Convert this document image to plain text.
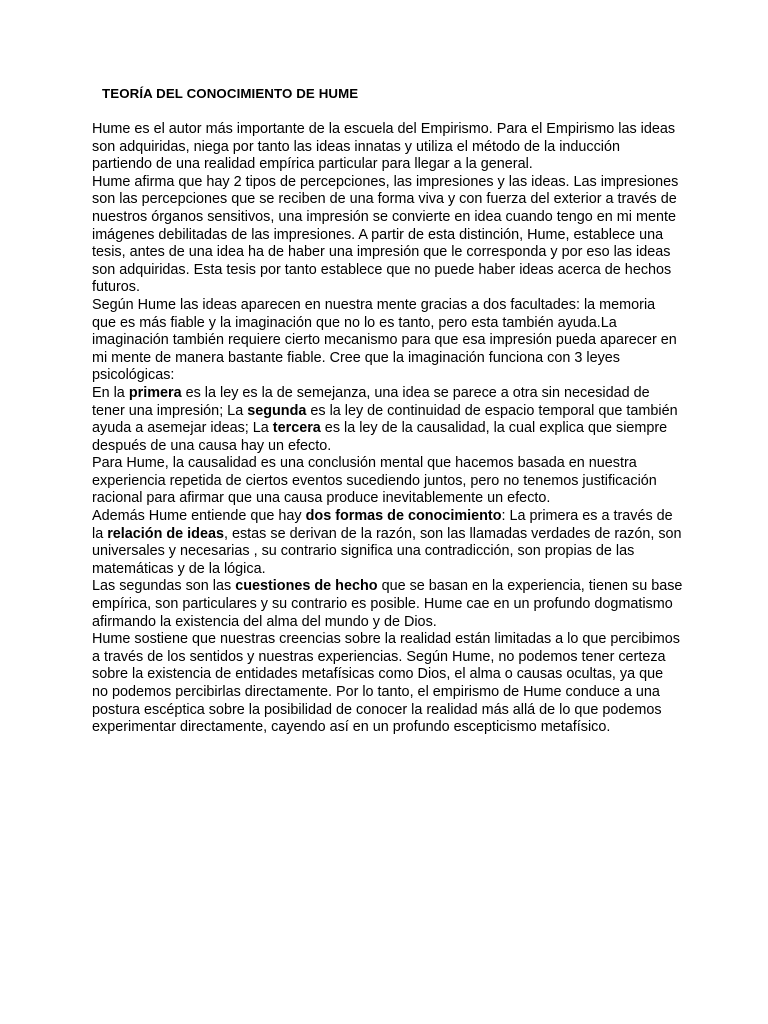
TEORÍA DEL CONOCIMIENTO DE HUME
Hume es el autor más importante de la escuela del Empirismo. Para el Empirismo las ideas
son adquiridas, niega por tanto las ideas innatas y utiliza el método de la inducción
partiendo de una realidad empírica particular para llegar a la general.
Hume afirma que hay 2 tipos de percepciones, las impresiones y las ideas. Las impresiones
son las percepciones que se reciben de una forma viva y con fuerza del exterior a través de
nuestros órganos sensitivos, una impresión se convierte en idea cuando tengo en mi mente
imágenes debilitadas de las impresiones. A partir de esta distinción, Hume, establece una
tesis, antes de una idea ha de haber una impresión que le corresponda y por eso las ideas
son adquiridas. Esta tesis por tanto establece que no puede haber ideas acerca de hechos
futuros.
Según Hume las ideas aparecen en nuestra mente gracias a dos facultades: la memoria
que es más fiable y la imaginación que no lo es tanto, pero esta también ayuda.La
imaginación también requiere cierto mecanismo para que esa impresión pueda aparecer en
mi mente de manera bastante fiable. Cree que la imaginación funciona con 3 leyes
psicológicas:
En la primera es la ley es la de semejanza, una idea se parece a otra sin necesidad de
tener una impresión; La segunda es la ley de continuidad de espacio temporal que también
ayuda a asemejar ideas; La tercera es la ley de la causalidad, la cual explica que siempre
después de una causa hay un efecto.
Para Hume, la causalidad es una conclusión mental que hacemos basada en nuestra
experiencia repetida de ciertos eventos sucediendo juntos, pero no tenemos justificación
racional para afirmar que una causa produce inevitablemente un efecto.
Además Hume entiende que hay dos formas de conocimiento: La primera es a través de
la relación de ideas, estas se derivan de la razón, son las llamadas verdades de razón, son
universales y necesarias , su contrario significa una contradicción, son propias de las
matemáticas y de la lógica.
Las segundas son las cuestiones de hecho que se basan en la experiencia, tienen su base
empírica, son particulares y su contrario es posible. Hume cae en un profundo dogmatismo
afirmando la existencia del alma del mundo y de Dios.
Hume sostiene que nuestras creencias sobre la realidad están limitadas a lo que percibimos
a través de los sentidos y nuestras experiencias. Según Hume, no podemos tener certeza
sobre la existencia de entidades metafísicas como Dios, el alma o causas ocultas, ya que
no podemos percibirlas directamente. Por lo tanto, el empirismo de Hume conduce a una
postura escéptica sobre la posibilidad de conocer la realidad más allá de lo que podemos
experimentar directamente, cayendo así en un profundo escepticismo metafísico.
